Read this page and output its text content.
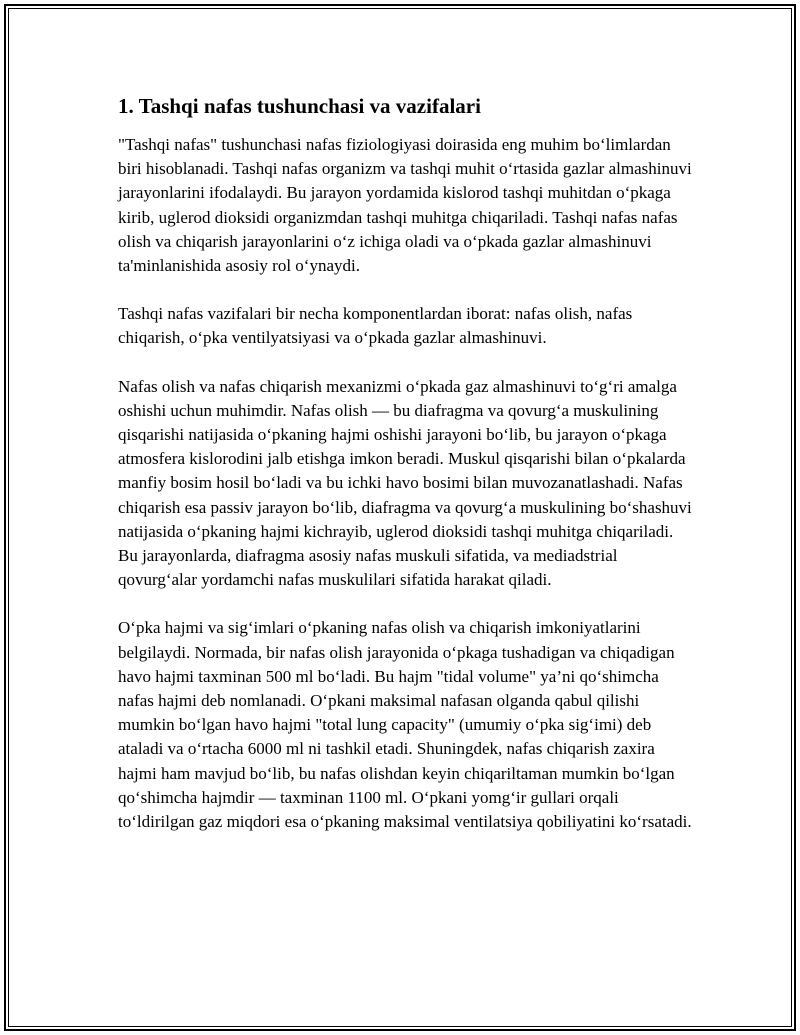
1. Tashqi nafas tushunchasi va vazifalari

"Tashqi nafas" tushunchasi nafas fiziologiyasi doirasida eng muhim bo‘limlardan biri hisoblanadi. Tashqi nafas organizm va tashqi muhit o‘rtasida gazlar almashinuvi jarayonlarini ifodalaydi. Bu jarayon yordamida kislorod tashqi muhitdan o‘pkaga kirib, uglerod dioksidi organizmdan tashqi muhitga chiqariladi. Tashqi nafas nafas olish va chiqarish jarayonlarini o‘z ichiga oladi va o‘pkada gazlar almashinuvi ta'minlanishida asosiy rol o‘ynaydi.

Tashqi nafas vazifalari bir necha komponentlardan iborat: nafas olish, nafas chiqarish, o‘pka ventilyatsiyasi va o‘pkada gazlar almashinuvi.

Nafas olish va nafas chiqarish mexanizmi o‘pkada gaz almashinuvi to‘g‘ri amalga oshishi uchun muhimdir. Nafas olish — bu diafragma va qovurg‘a muskulining qisqarishi natijasida o‘pkaning hajmi oshishi jarayoni bo‘lib, bu jarayon o‘pkaga atmosfera kislorodini jalb etishga imkon beradi. Muskul qisqarishi bilan o‘pkalarda manfiy bosim hosil bo‘ladi va bu ichki havo bosimi bilan muvozanatlashadi. Nafas chiqarish esa passiv jarayon bo‘lib, diafragma va qovurg‘a muskulining bo‘shashuvi natijasida o‘pkaning hajmi kichrayib, uglerod dioksidi tashqi muhitga chiqariladi. Bu jarayonlarda, diafragma asosiy nafas muskuli sifatida, va mediadstrial qovurg‘alar yordamchi nafas muskulilari sifatida harakat qiladi.

O‘pka hajmi va sig‘imlari o‘pkaning nafas olish va chiqarish imkoniyatlarini belgilaydi. Normada, bir nafas olish jarayonida o‘pkaga tushadigan va chiqadigan havo hajmi taxminan 500 ml bo‘ladi. Bu hajm "tidal volume" ya’ni qo‘shimcha nafas hajmi deb nomlanadi. O‘pkani maksimal nafasan olganda qabul qilishi mumkin bo‘lgan havo hajmi "total lung capacity" (umumiy o‘pka sig‘imi) deb ataladi va o‘rtacha 6000 ml ni tashkil etadi. Shuningdek, nafas chiqarish zaxira hajmi ham mavjud bo‘lib, bu nafas olishdan keyin chiqariltaman mumkin bo‘lgan qo‘shimcha hajmdir — taxminan 1100 ml. O‘pkani yomg‘ir gullari orqali to‘ldirilgan gaz miqdori esa o‘pkaning maksimal ventilatsiya qobiliyatini ko‘rsatadi.
